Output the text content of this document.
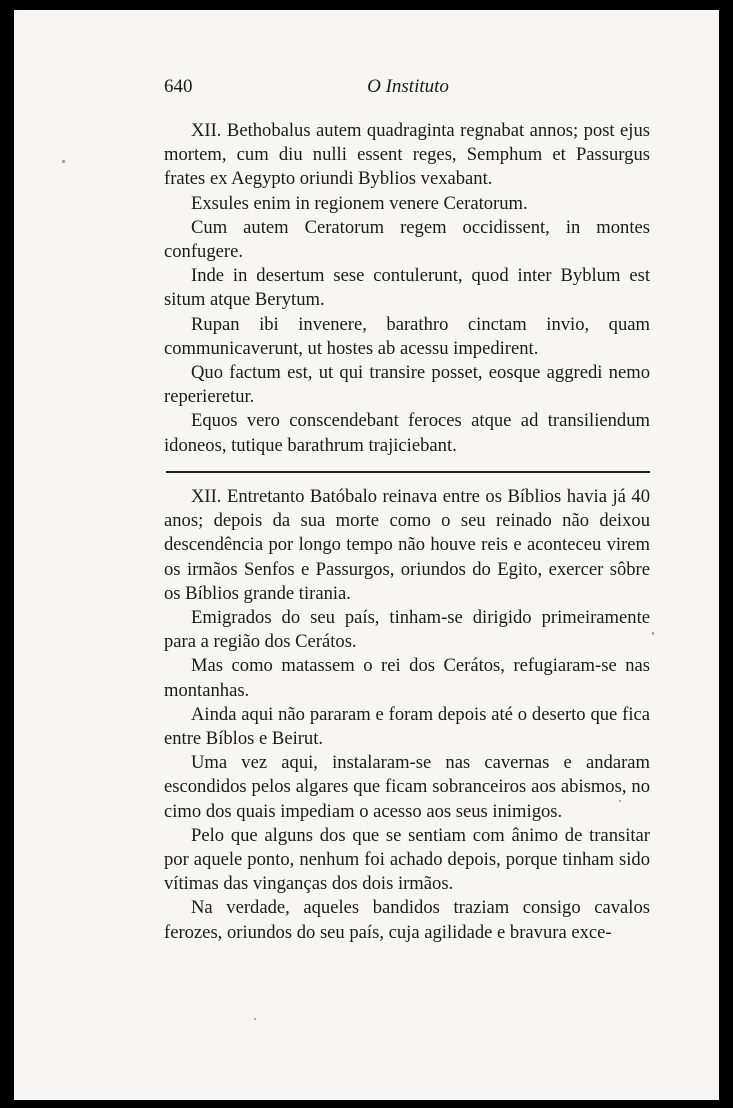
640	O Instituto

XII. Bethobalus autem quadraginta regnabat annos; post ejus mortem, cum diu nulli essent reges, Semphum et Passurgus frates ex Aegypto oriundi Byblios vexabant.

Exsules enim in regionem venere Ceratorum.

Cum autem Ceratorum regem occidissent, in montes confugere.

Inde in desertum sese contulerunt, quod inter Byblum est situm atque Berytum.

Rupan ibi invenere, barathro cinctam invio, quam communicaverunt, ut hostes ab acessu impedirent.

Quo factum est, ut qui transire posset, eosque aggredi nemo reperieretur.

Equos vero conscendebant feroces atque ad transiliendum idoneos, tutique barathrum trajiciebant.

XII. Entretanto Batóbalo reinava entre os Bíblios havia já 40 anos; depois da sua morte como o seu reinado não deixou descendência por longo tempo não houve reis e aconteceu virem os irmãos Senfos e Passurgos, oriundos do Egito, exercer sôbre os Bíblios grande tirania.

Emigrados do seu país, tinham-se dirigido primeiramente para a região dos Cerátos.

Mas como matassem o rei dos Cerátos, refugiaram-se nas montanhas.

Ainda aqui não pararam e foram depois até o deserto que fica entre Bíblos e Beirut.

Uma vez aqui, instalaram-se nas cavernas e andaram escondidos pelos algares que ficam sobranceiros aos abismos, no cimo dos quais impediam o acesso aos seus inimigos.

Pelo que alguns dos que se sentiam com ânimo de transitar por aquele ponto, nenhum foi achado depois, porque tinham sido vítimas das vinganças dos dois irmãos.

Na verdade, aqueles bandidos traziam consigo cavalos ferozes, oriundos do seu país, cuja agilidade e bravura exce-
